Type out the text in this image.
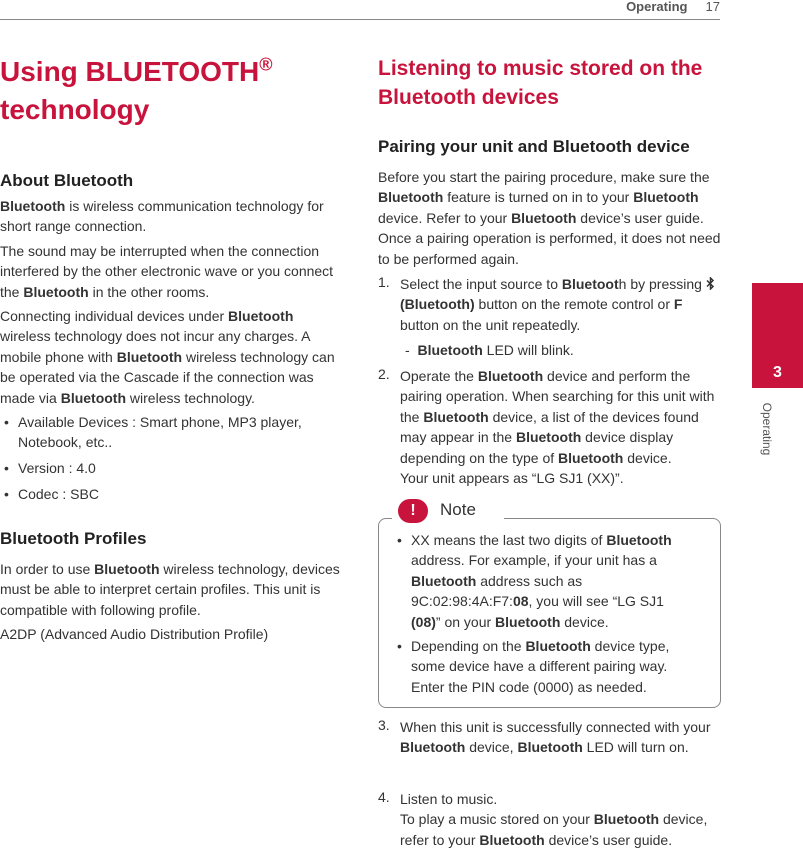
Operating 17
3
Operating
Using BLUETOOTH®
technology
About Bluetooth

Bluetooth is wireless communication technology for short range connection.

The sound may be interrupted when the connection interfered by the other electronic wave or you connect the Bluetooth in the other rooms.

Connecting individual devices under Bluetooth wireless technology does not incur any charges. A mobile phone with Bluetooth wireless technology can be operated via the Cascade if the connection was made via Bluetooth wireless technology.

• Available Devices : Smart phone, MP3 player, Notebook, etc..
• Version : 4.0
• Codec : SBC
Bluetooth Profiles

In order to use Bluetooth wireless technology, devices must be able to interpret certain profiles. This unit is compatible with following profile.

A2DP (Advanced Audio Distribution Profile)

Listening to music stored on the Bluetooth devices
Pairing your unit and Bluetooth device

Before you start the pairing procedure, make sure the Bluetooth feature is turned on in to your Bluetooth device. Refer to your Bluetooth device’s user guide. Once a pairing operation is performed, it does not need to be performed again.

1. Select the input source to Bluetooth by pressing  (Bluetooth) button on the remote control or F button on the unit repeatedly.

- Bluetooth LED will blink.

2. Operate the Bluetooth device and perform the pairing operation. When searching for this unit with the Bluetooth device, a list of the devices found may appear in the Bluetooth device display depending on the type of Bluetooth device.
Your unit appears as “LG SJ1 (XX)”.

!	Note
• XX means the last two digits of Bluetooth address. For example, if your unit has a Bluetooth address such as 9C:02:98:4A:F7:08, you will see “LG SJ1 (08)” on your Bluetooth device.
• Depending on the Bluetooth device type, some device have a different pairing way. Enter the PIN code (0000) as needed.
3. When this unit is successfully connected with your Bluetooth device, Bluetooth LED will turn on.

4. Listen to music.
To play a music stored on your Bluetooth device, refer to your Bluetooth device’s user guide.
